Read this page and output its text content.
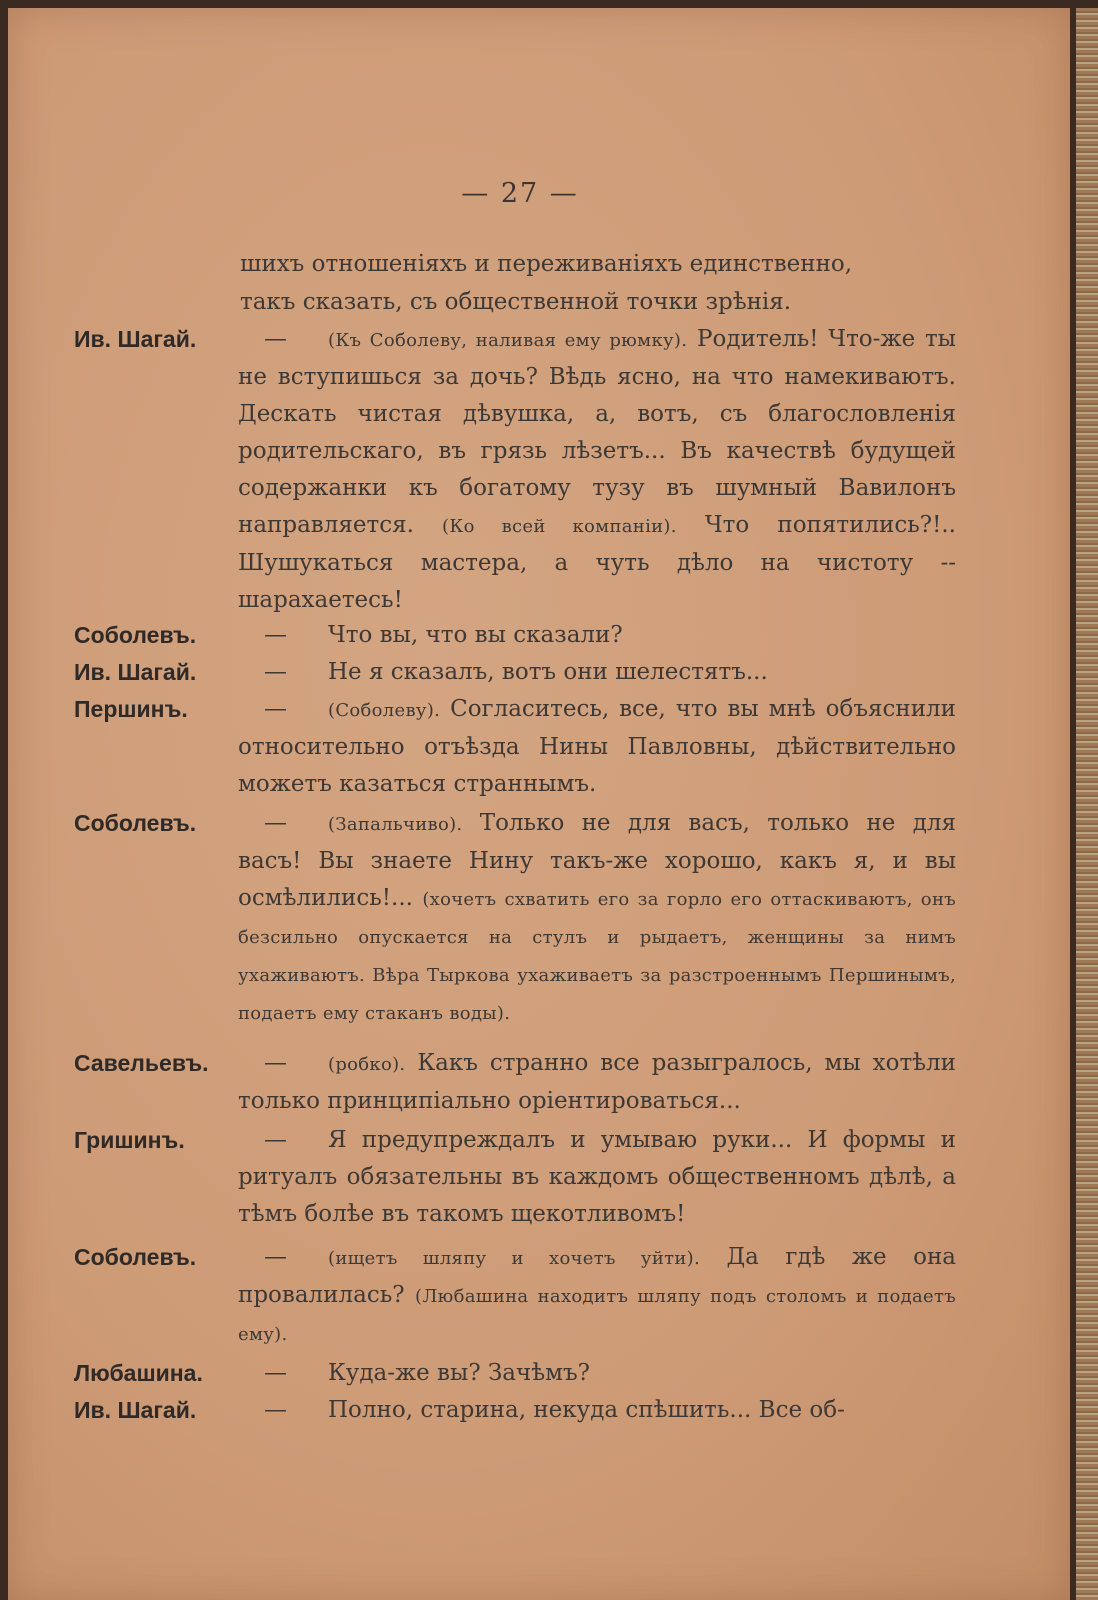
— 27 —
шихъ отношеніяхъ и переживаніяхъ единственно,
такъ сказать, съ общественной точки зрѣнія.
Ив. Шагай.	—	(Къ Соболеву, наливая ему рюмку). Родитель! Что-же ты не вступишься за дочь? Вѣдь ясно, на что намекиваютъ. Дескать чистая дѣвушка, а, вотъ, съ благословленія родительскаго, въ грязь лѣзетъ... Въ качествѣ будущей содержанки къ богатому тузу въ шумный Вавилонъ направляется. (Ко всей компаніи). Что попятились?!.. Шушукаться мастера, а чуть дѣло на чистоту -- шарахаетесь!
Соболевъ.	—	Что вы, что вы сказали?
Ив. Шагай.	—	Не я сказалъ, вотъ они шелестятъ...
Першинъ.	—	(Соболеву). Согласитесь, все, что вы мнѣ объяснили относительно отъѣзда Нины Павловны, дѣйствительно можетъ казаться страннымъ.
Соболевъ.	—	(Запальчиво). Только не для васъ, только не для васъ! Вы знаете Нину такъ-же хорошо, какъ я, и вы осмѣлились!... (хочетъ схватить его за горло его оттаскиваютъ, онъ безсильно опускается на стулъ и рыдаетъ, женщины за нимъ ухаживаютъ. Вѣра Тыркова ухаживаетъ за разстроеннымъ Першинымъ, подаетъ ему стаканъ воды).
Савельевъ. —	(робко). Какъ странно все разыгралось, мы хотѣли только принципіально оріентироваться...
Гришинъ.	—	Я предупреждалъ и умываю руки... И формы и ритуалъ обязательны въ каждомъ общественномъ дѣлѣ, а тѣмъ болѣе въ такомъ щекотливомъ!
Соболевъ.	—	(ищетъ шляпу и хочетъ уйти). Да гдѣ же она провалилась? (Любашина находитъ шляпу подъ столомъ и подаетъ ему).
Любашина.	—	Куда-же вы? Зачѣмъ?
Ив. Шагай.	—	Полно, старина, некуда спѣшить... Все об-
